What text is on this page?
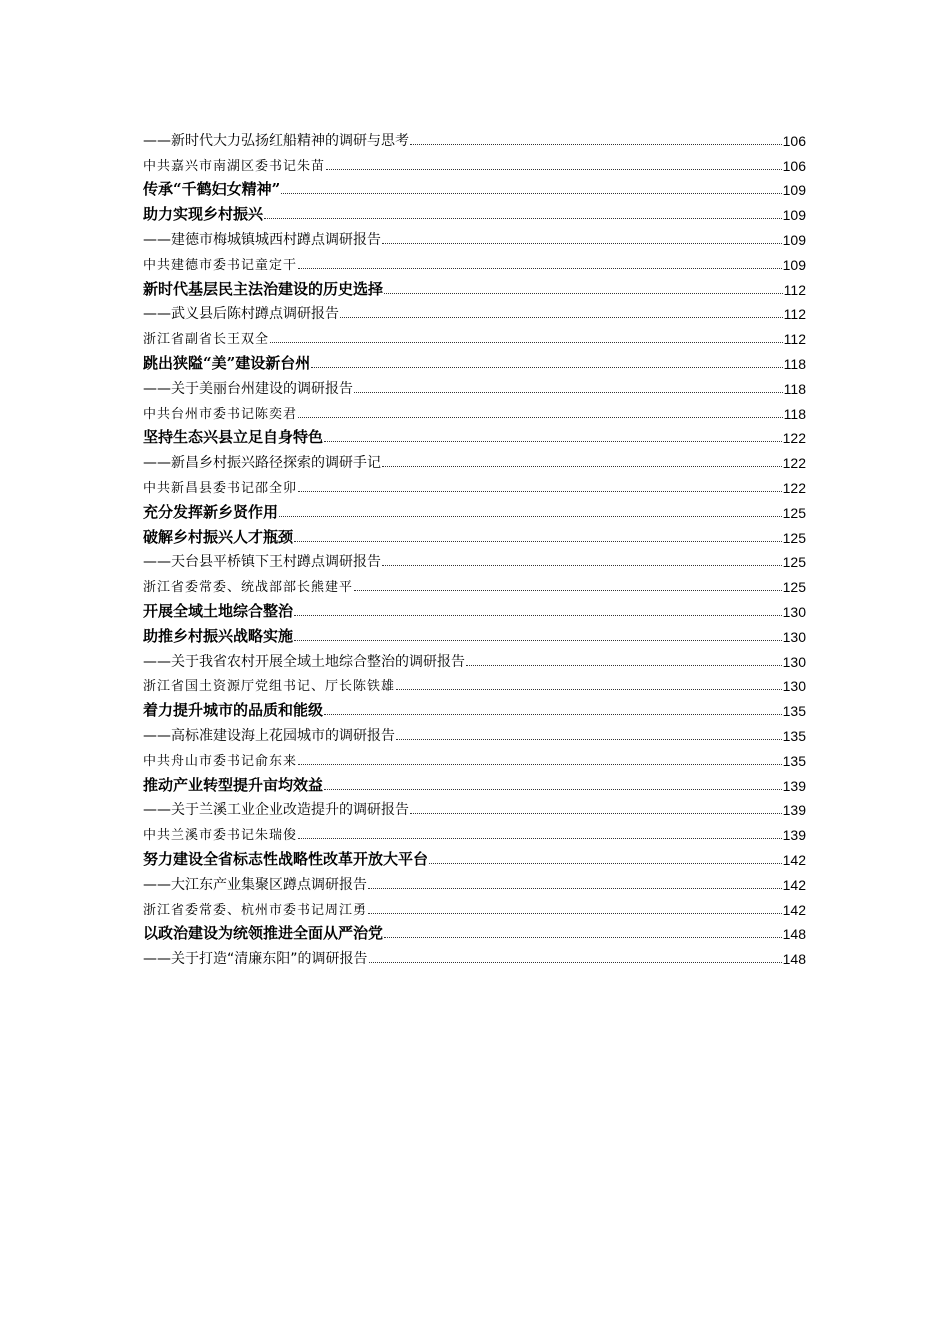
——新时代大力弘扬红船精神的调研与思考	106
中共嘉兴市南湖区委书记朱苗	106
传承“千鹤妇女精神”	109
助力实现乡村振兴	109
——建德市梅城镇城西村蹲点调研报告	109
中共建德市委书记童定干	109
新时代基层民主法治建设的历史选择	112
——武义县后陈村蹲点调研报告	112
浙江省副省长王双全	112
跳出狭隘“美”建设新台州	118
——关于美丽台州建设的调研报告	118
中共台州市委书记陈奕君	118
坚持生态兴县立足自身特色	122
——新昌乡村振兴路径探索的调研手记	122
中共新昌县委书记邵全卯	122
充分发挥新乡贤作用	125
破解乡村振兴人才瓶颈	125
——天台县平桥镇下王村蹲点调研报告	125
浙江省委常委、统战部部长熊建平	125
开展全域土地综合整治	130
助推乡村振兴战略实施	130
——关于我省农村开展全域土地综合整治的调研报告	130
浙江省国土资源厅党组书记、厅长陈铁雄	130
着力提升城市的品质和能级	135
——高标准建设海上花园城市的调研报告	135
中共舟山市委书记俞东来	135
推动产业转型提升亩均效益	139
——关于兰溪工业企业改造提升的调研报告	139
中共兰溪市委书记朱瑞俊	139
努力建设全省标志性战略性改革开放大平台	142
——大江东产业集聚区蹲点调研报告	142
浙江省委常委、杭州市委书记周江勇	142
以政治建设为统领推进全面从严治党	148
——关于打造“清廉东阳”的调研报告	148
